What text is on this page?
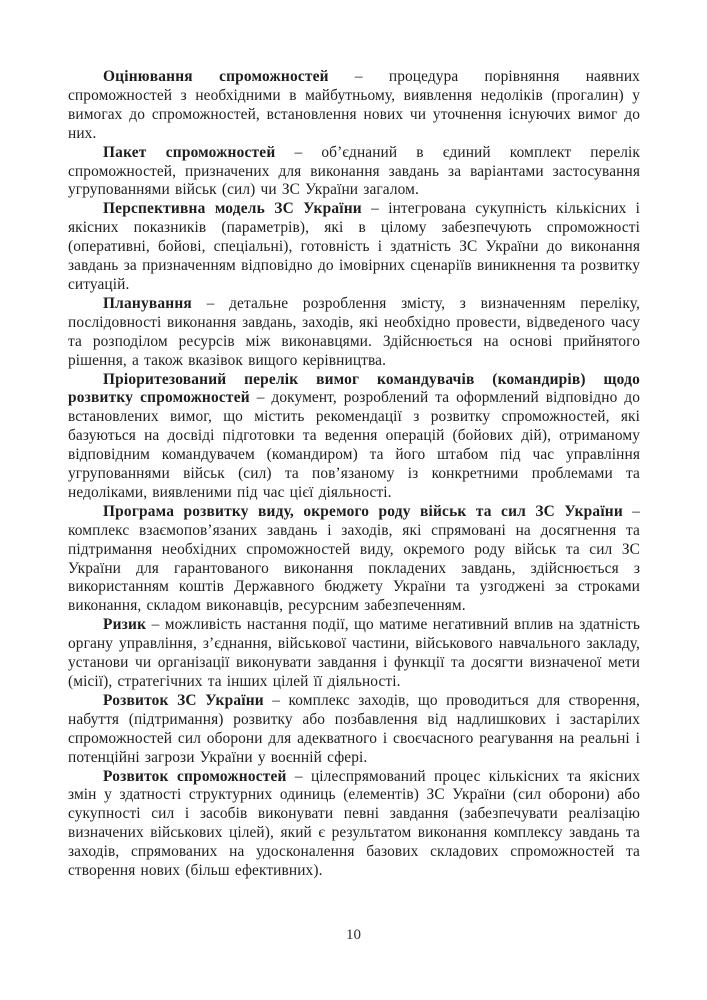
Оцінювання спроможностей – процедура порівняння наявних спроможностей з необхідними в майбутньому, виявлення недоліків (прогалин) у вимогах до спроможностей, встановлення нових чи уточнення існуючих вимог до них.

Пакет спроможностей – об’єднаний в єдиний комплект перелік спроможностей, призначених для виконання завдань за варіантами застосування угрупованнями військ (сил) чи ЗС України загалом.

Перспективна модель ЗС України – інтегрована сукупність кількісних і якісних показників (параметрів), які в цілому забезпечують спроможності (оперативні, бойові, спеціальні), готовність і здатність ЗС України до виконання завдань за призначенням відповідно до імовірних сценаріїв виникнення та розвитку ситуацій.

Планування – детальне розроблення змісту, з визначенням переліку, послідовності виконання завдань, заходів, які необхідно провести, відведеного часу та розподілом ресурсів між виконавцями. Здійснюється на основі прийнятого рішення, а також вказівок вищого керівництва.

Пріоритезований перелік вимог командувачів (командирів) щодо розвитку спроможностей – документ, розроблений та оформлений відповідно до встановлених вимог, що містить рекомендації з розвитку спроможностей, які базуються на досвіді підготовки та ведення операцій (бойових дій), отриманому відповідним командувачем (командиром) та його штабом під час управління угрупованнями військ (сил) та пов’язаному із конкретними проблемами та недоліками, виявленими під час цієї діяльності.

Програма розвитку виду, окремого роду військ та сил ЗС України – комплекс взаємопов’язаних завдань і заходів, які спрямовані на досягнення та підтримання необхідних спроможностей виду, окремого роду військ та сил ЗС України для гарантованого виконання покладених завдань, здійснюється з використанням коштів Державного бюджету України та узгоджені за строками виконання, складом виконавців, ресурсним забезпеченням.

Ризик – можливість настання події, що матиме негативний вплив на здатність органу управління, з’єднання, військової частини, військового навчального закладу, установи чи організації виконувати завдання і функції та досягти визначеної мети (місії), стратегічних та інших цілей її діяльності.

Розвиток ЗС України – комплекс заходів, що проводиться для створення, набуття (підтримання) розвитку або позбавлення від надлишкових і застарілих спроможностей сил оборони для адекватного і своєчасного реагування на реальні і потенційні загрози України у воєнній сфері.

Розвиток спроможностей – цілеспрямований процес кількісних та якісних змін у здатності структурних одиниць (елементів) ЗС України (сил оборони) або сукупності сил і засобів виконувати певні завдання (забезпечувати реалізацію визначених військових цілей), який є результатом виконання комплексу завдань та заходів, спрямованих на удосконалення базових складових спроможностей та створення нових (більш ефективних).

10
